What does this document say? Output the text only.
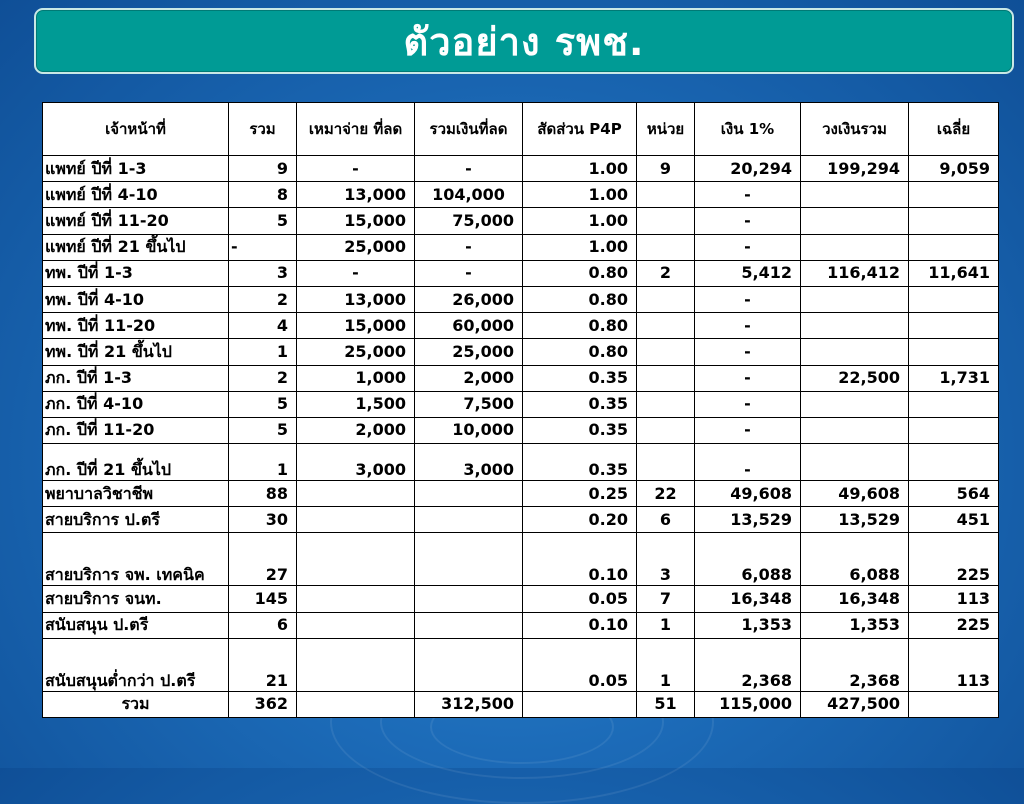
ตัวอย่าง รพช.
เจ้าหน้าที่	รวม	เหมาจ่าย ที่ลด	รวมเงินที่ลด	สัดส่วน P4P	หน่วย	เงิน 1%	วงเงินรวม	เฉลี่ย
แพทย์ ปีที่ 1-3	9	-	-	1.00	9	20,294	199,294	9,059
แพทย์ ปีที่ 4-10	8	13,000	104,000	1.00		-		
แพทย์ ปีที่ 11-20	5	15,000	75,000	1.00		-		
แพทย์ ปีที่ 21 ขึ้นไป	-	25,000	-	1.00		-		
ทพ. ปีที่ 1-3	3	-	-	0.80	2	5,412	116,412	11,641
ทพ. ปีที่ 4-10	2	13,000	26,000	0.80		-		
ทพ. ปีที่ 11-20	4	15,000	60,000	0.80		-		
ทพ. ปีที่ 21 ขึ้นไป	1	25,000	25,000	0.80		-		
ภก. ปีที่ 1-3	2	1,000	2,000	0.35		-	22,500	1,731
ภก. ปีที่ 4-10	5	1,500	7,500	0.35		-		
ภก. ปีที่ 11-20	5	2,000	10,000	0.35		-		
ภก. ปีที่ 21 ขึ้นไป	1	3,000	3,000	0.35		-		
พยาบาลวิชาชีพ	88			0.25	22	49,608	49,608	564
สายบริการ ป.ตรี	30			0.20	6	13,529	13,529	451
สายบริการ จพ. เทคนิค	27			0.10	3	6,088	6,088	225
สายบริการ จนท.	145			0.05	7	16,348	16,348	113
สนับสนุน ป.ตรี	6			0.10	1	1,353	1,353	225
สนับสนุนต่ำกว่า ป.ตรี	21			0.05	1	2,368	2,368	113
รวม	362		312,500		51	115,000	427,500	
